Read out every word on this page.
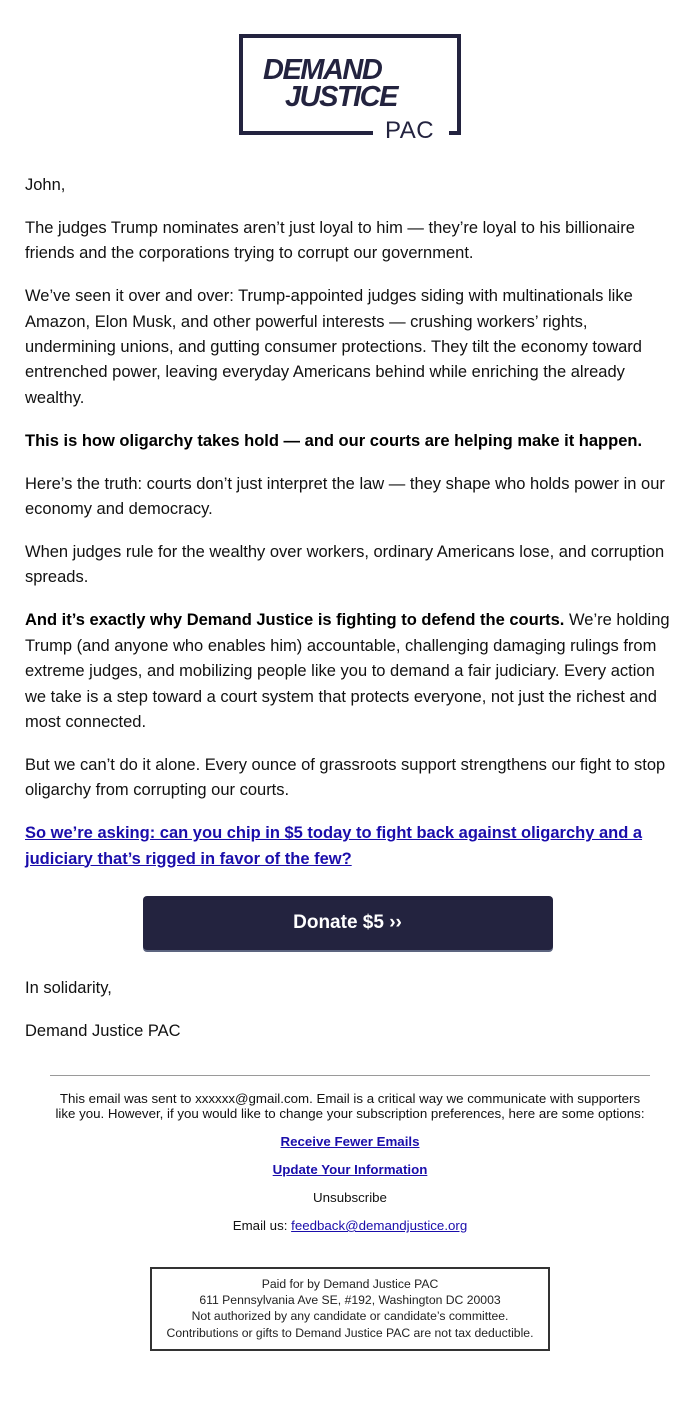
DEMAND
JUSTICE
PAC

John,

The judges Trump nominates aren’t just loyal to him — they’re loyal to his billionaire friends and the corporations trying to corrupt our government.

We’ve seen it over and over: Trump-appointed judges siding with multinationals like Amazon, Elon Musk, and other powerful interests — crushing workers’ rights, undermining unions, and gutting consumer protections. They tilt the economy toward entrenched power, leaving everyday Americans behind while enriching the already wealthy.

This is how oligarchy takes hold — and our courts are helping make it happen.

Here’s the truth: courts don’t just interpret the law — they shape who holds power in our economy and democracy.

When judges rule for the wealthy over workers, ordinary Americans lose, and corruption spreads.

And it’s exactly why Demand Justice is fighting to defend the courts. We’re holding Trump (and anyone who enables him) accountable, challenging damaging rulings from extreme judges, and mobilizing people like you to demand a fair judiciary. Every action we take is a step toward a court system that protects everyone, not just the richest and most connected.

But we can’t do it alone. Every ounce of grassroots support strengthens our fight to stop oligarchy from corrupting our courts.

So we’re asking: can you chip in $5 today to fight back against oligarchy and a judiciary that’s rigged in favor of the few?

Donate $5 ››

In solidarity,

Demand Justice PAC

This email was sent to xxxxxx@gmail.com. Email is a critical way we communicate with supporters like you. However, if you would like to change your subscription preferences, here are some options:
Receive Fewer Emails
Update Your Information
Unsubscribe
Email us: feedback@demandjustice.org
Paid for by Demand Justice PAC
611 Pennsylvania Ave SE, #192, Washington DC 20003
Not authorized by any candidate or candidate’s committee.
Contributions or gifts to Demand Justice PAC are not tax deductible.
